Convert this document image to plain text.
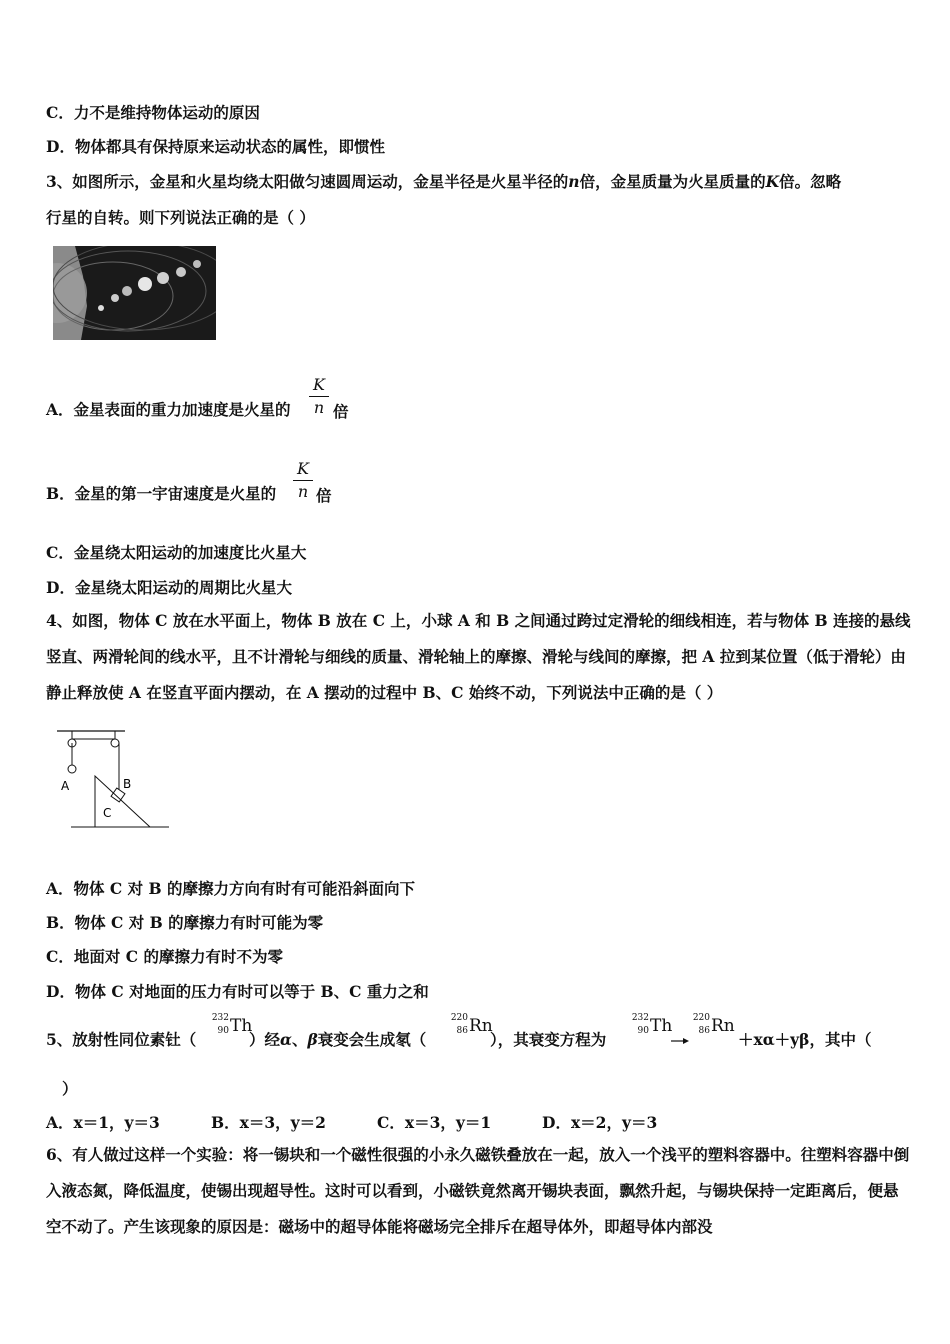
C．力不是维持物体运动的原因
D．物体都具有保持原来运动状态的属性，即惯性
3、如图所示，金星和火星均绕太阳做匀速圆周运动，金星半径是火星半径的n倍，金星质量为火星质量的K倍。忽略
行星的自转。则下列说法正确的是（ ）
A．金星表面的重力加速度是火星的
K
n 倍
B．金星的第一宇宙速度是火星的
K
n 倍
C．金星绕太阳运动的加速度比火星大
D．金星绕太阳运动的周期比火星大
4、如图，物体 C 放在水平面上，物体 B 放在 C 上，小球 A 和 B 之间通过跨过定滑轮的细线相连，若与物体 B 连接的悬线竖直、两滑轮间的线水平，且不计滑轮与细线的质量、滑轮轴上的摩擦、滑轮与线间的摩擦，把 A 拉到某位置（低于滑轮）由静止释放使 A 在竖直平面内摆动，在 A 摆动的过程中 B、C 始终不动，下列说法中正确的是（ ）
A	B
C
A．物体 C 对 B 的摩擦力方向有时有可能沿斜面向下
B．物体 C 对 B 的摩擦力有时可能为零
C．地面对 C 的摩擦力有时不为零
D．物体 C 对地面的压力有时可以等于 B、C 重力之和
5、放射性同位素钍（
232
90 Th
）经α、β衰变会生成氡（
220
86 Rn
），其衰变方程为
232
90 Th 220
86 Rn
＋xα＋yβ，其中（
）
A．x＝1，y＝3	B．x＝3，y＝2	C．x＝3，y＝1	D．x＝2，y＝3
6、有人做过这样一个实验：将一锡块和一个磁性很强的小永久磁铁叠放在一起，放入一个浅平的塑料容器中。往塑料容器中倒入液态氮，降低温度，使锡出现超导性。这时可以看到，小磁铁竟然离开锡块表面，飘然升起，与锡块保持一定距离后，便悬空不动了。产生该现象的原因是：磁场中的超导体能将磁场完全排斥在超导体外，即超导体内部没
